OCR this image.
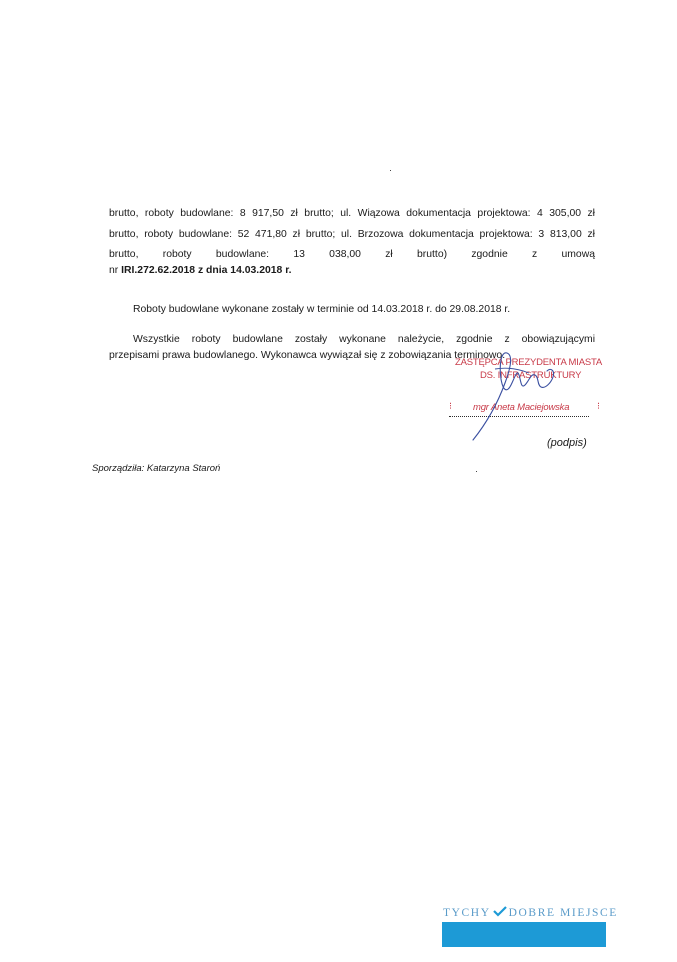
brutto, roboty budowlane: 8 917,50 zł brutto; ul. Wiązowa dokumentacja projektowa: 4 305,00 zł
brutto, roboty budowlane: 52 471,80 zł brutto; ul. Brzozowa dokumentacja projektowa: 3 813,00 zł
brutto, roboty budowlane: 13 038,00 zł brutto) zgodnie z umową
nr IRI.272.62.2018 z dnia 14.03.2018 r.
Roboty budowlane wykonane zostały w terminie od 14.03.2018 r. do 29.08.2018 r.
Wszystkie roboty budowlane zostały wykonane należycie, zgodnie z obowiązującymi
przepisami prawa budowlanego. Wykonawca wywiązał się z zobowiązania terminowo.
ZASTĘPCA PREZYDENTA MIASTA
DS. INFRASTRUKTURY
mgr Aneta Maciejowska
⁝	⁝
(podpis)
Sporządziła: Katarzyna Staroń
TYCHY DOBRE MIEJSCE
